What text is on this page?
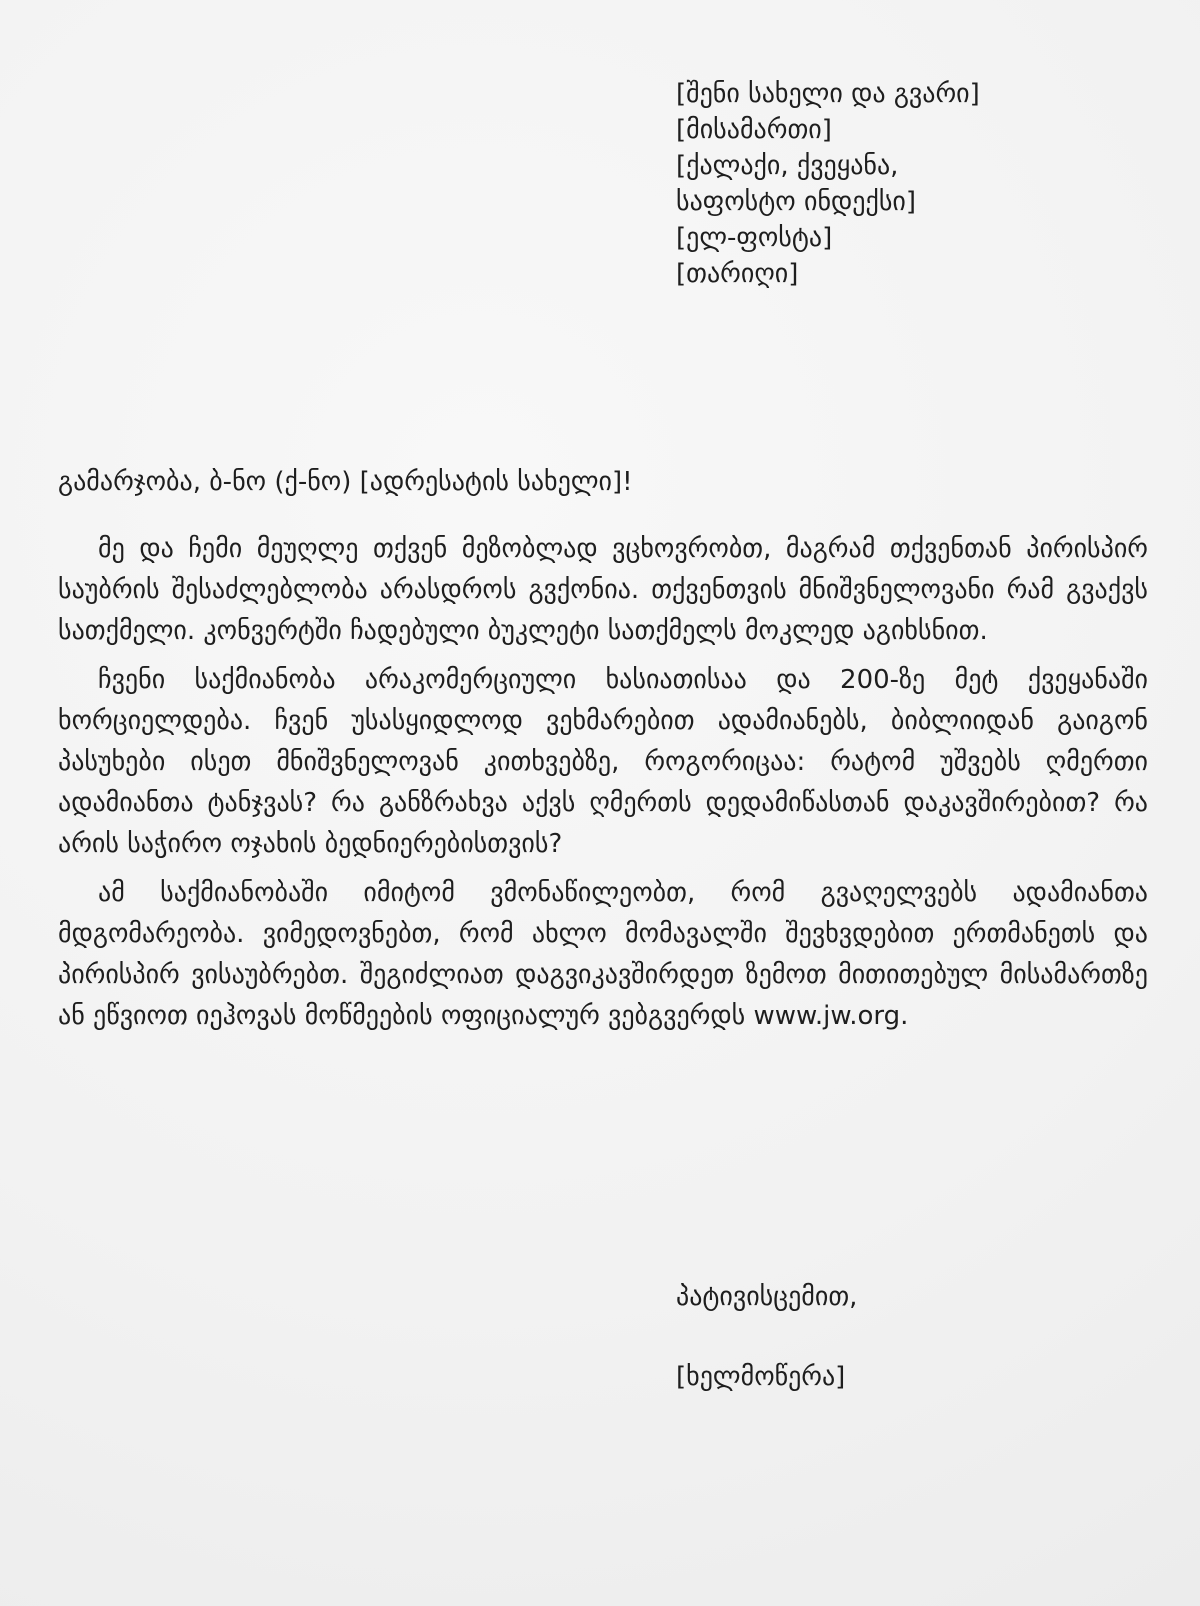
[შენი სახელი და გვარი]
[მისამართი]
[ქალაქი, ქვეყანა,
საფოსტო ინდექსი]
[ელ-ფოსტა]
[თარიღი]
გამარჯობა, ბ-ნო (ქ-ნო) [ადრესატის სახელი]!

მე და ჩემი მეუღლე თქვენ მეზობლად ვცხოვრობთ, მაგრამ თქვენთან პირისპირ საუბრის შესაძლებლობა არასდროს გვქონია. თქვენთვის მნიშვნელოვანი რამ გვაქვს სათქმელი. კონვერტში ჩადებული ბუკლეტი სათქმელს მოკლედ აგიხსნით.

ჩვენი საქმიანობა არაკომერციული ხასიათისაა და 200-ზე მეტ ქვეყანაში ხორციელდება. ჩვენ უსასყიდლოდ ვეხმარებით ადამიანებს, ბიბლიიდან გაიგონ პასუხები ისეთ მნიშვნელოვან კითხვებზე, როგორიცაა: რატომ უშვებს ღმერთი ადამიანთა ტანჯვას? რა განზრახვა აქვს ღმერთს დედამიწასთან დაკავშირებით? რა არის საჭირო ოჯახის ბედნიერებისთვის?

ამ საქმიანობაში იმიტომ ვმონაწილეობთ, რომ გვაღელვებს ადამიანთა მდგომარეობა. ვიმედოვნებთ, რომ ახლო მომავალში შევხვდებით ერთმანეთს და პირისპირ ვისაუბრებთ. შეგიძლიათ დაგვიკავშირდეთ ზემოთ მითითებულ მისამართზე ან ეწვიოთ იეჰოვას მოწმეების ოფიციალურ ვებგვერდს www.jw.org.

პატივისცემით,
[ხელმოწერა]
